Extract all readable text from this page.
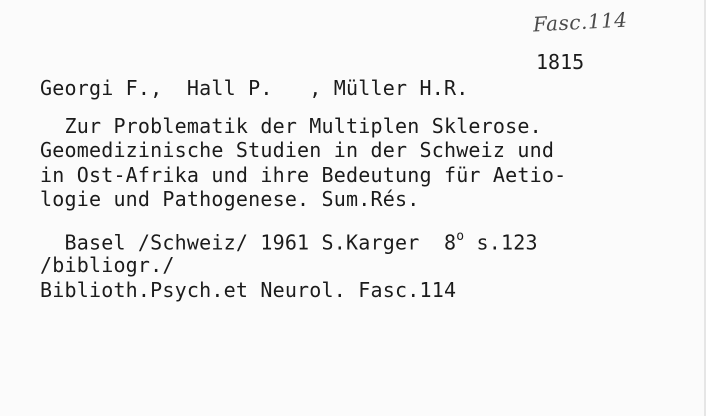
Fasc.114
1815
Georgi F.,  Hall P.   , Müller H.R.
Zur Problematik der Multiplen Sklerose.
Geomedizinische Studien in der Schweiz und
in Ost-Afrika und ihre Bedeutung für Aetio-
logie und Pathogenese. Sum.Rés.
Basel /Schweiz/ 1961 S.Karger  8$^o$ s.123
/bibliogr./
Biblioth.Psych.et Neurol. Fasc.114
